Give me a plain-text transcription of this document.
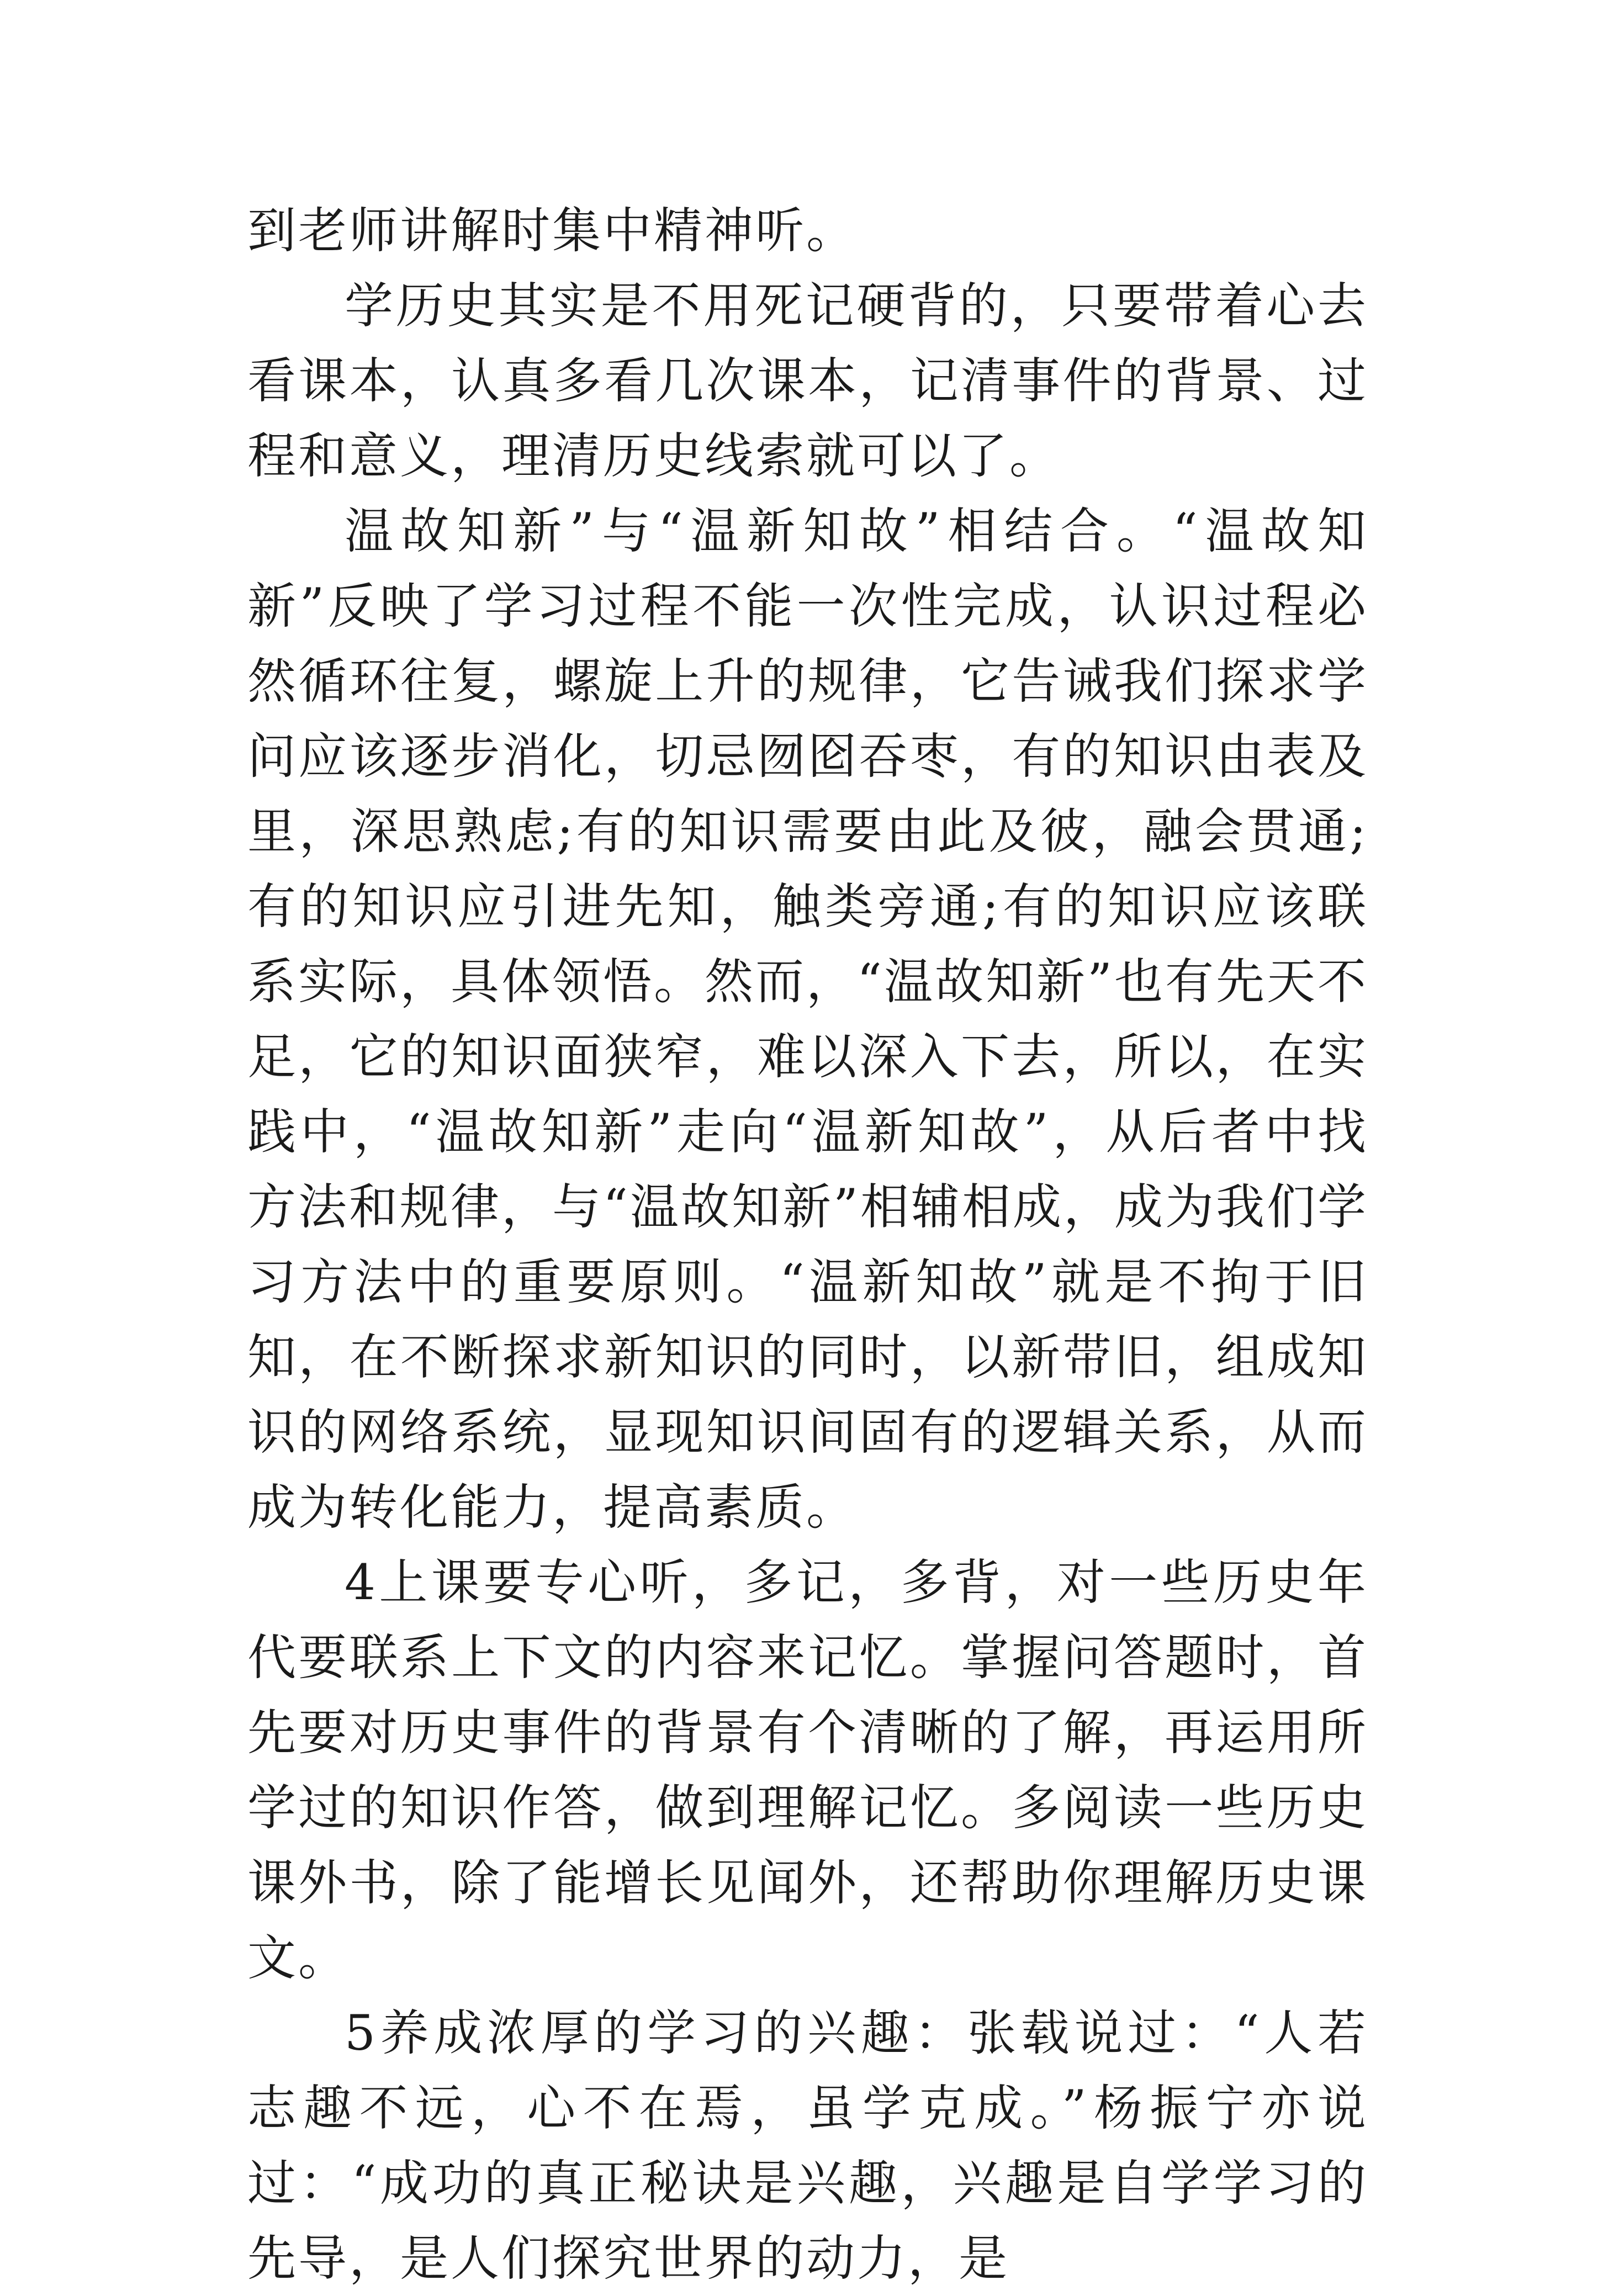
到老师讲解时集中精神听。

学历史其实是不用死记硬背的，只要带着心去看课本，认真多看几次课本，记清事件的背景、过程和意义，理清历史线索就可以了。

温故知新”与“温新知故”相结合。“温故知新”反映了学习过程不能一次性完成，认识过程必然循环往复，螺旋上升的规律，它告诫我们探求学问应该逐步消化，切忌囫囵吞枣，有的知识由表及里，深思熟虑;有的知识需要由此及彼，融会贯通;有的知识应引进先知，触类旁通;有的知识应该联系实际，具体领悟。然而，“温故知新”也有先天不足，它的知识面狭窄，难以深入下去，所以，在实践中，“温故知新”走向“温新知故”，从后者中找方法和规律，与“温故知新”相辅相成，成为我们学习方法中的重要原则。“温新知故”就是不拘于旧知，在不断探求新知识的同时，以新带旧，组成知识的网络系统，显现知识间固有的逻辑关系，从而成为转化能力，提高素质。

4上课要专心听，多记，多背，对一些历史年代要联系上下文的内容来记忆。掌握问答题时，首先要对历史事件的背景有个清晰的了解，再运用所学过的知识作答，做到理解记忆。多阅读一些历史课外书，除了能增长见闻外，还帮助你理解历史课文。

5养成浓厚的学习的兴趣：张载说过：“人若志趣不远，心不在焉，虽学克成。”杨振宁亦说过：“成功的真正秘诀是兴趣，兴趣是自学学习的先导，是人们探究世界的动力，是
